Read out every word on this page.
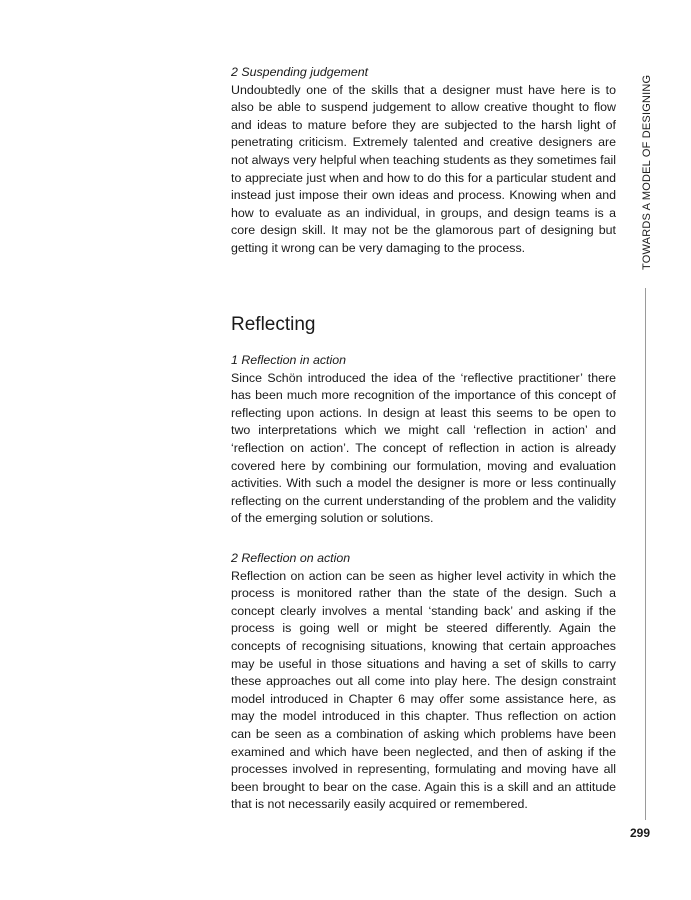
2 Suspending judgement

Undoubtedly one of the skills that a designer must have here is to also be able to suspend judgement to allow creative thought to flow and ideas to mature before they are subjected to the harsh light of penetrating criticism. Extremely talented and creative designers are not always very helpful when teaching students as they sometimes fail to appreciate just when and how to do this for a particular student and instead just impose their own ideas and process. Knowing when and how to evaluate as an individual, in groups, and design teams is a core design skill. It may not be the glamorous part of designing but getting it wrong can be very damaging to the process.

Reflecting

1 Reflection in action

Since Schön introduced the idea of the ‘reflective practitioner’ there has been much more recognition of the importance of this concept of reflecting upon actions. In design at least this seems to be open to two interpretations which we might call ‘reflection in action’ and ‘reflection on action’. The concept of reflection in action is already covered here by combining our formulation, moving and evaluation activities. With such a model the designer is more or less continually reflecting on the current understanding of the problem and the validity of the emerging solution or solutions.

2 Reflection on action

Reflection on action can be seen as higher level activity in which the process is monitored rather than the state of the design. Such a concept clearly involves a mental ‘standing back’ and asking if the process is going well or might be steered differently. Again the concepts of recognising situations, knowing that certain approaches may be useful in those situations and having a set of skills to carry these approaches out all come into play here. The design constraint model introduced in Chapter 6 may offer some assistance here, as may the model introduced in this chapter. Thus reflection on action can be seen as a combination of asking which problems have been examined and which have been neglected, and then of asking if the processes involved in representing, formulating and moving have all been brought to bear on the case. Again this is a skill and an attitude that is not necessarily easily acquired or remembered.

TOWARDS A MODEL OF DESIGNING
299
